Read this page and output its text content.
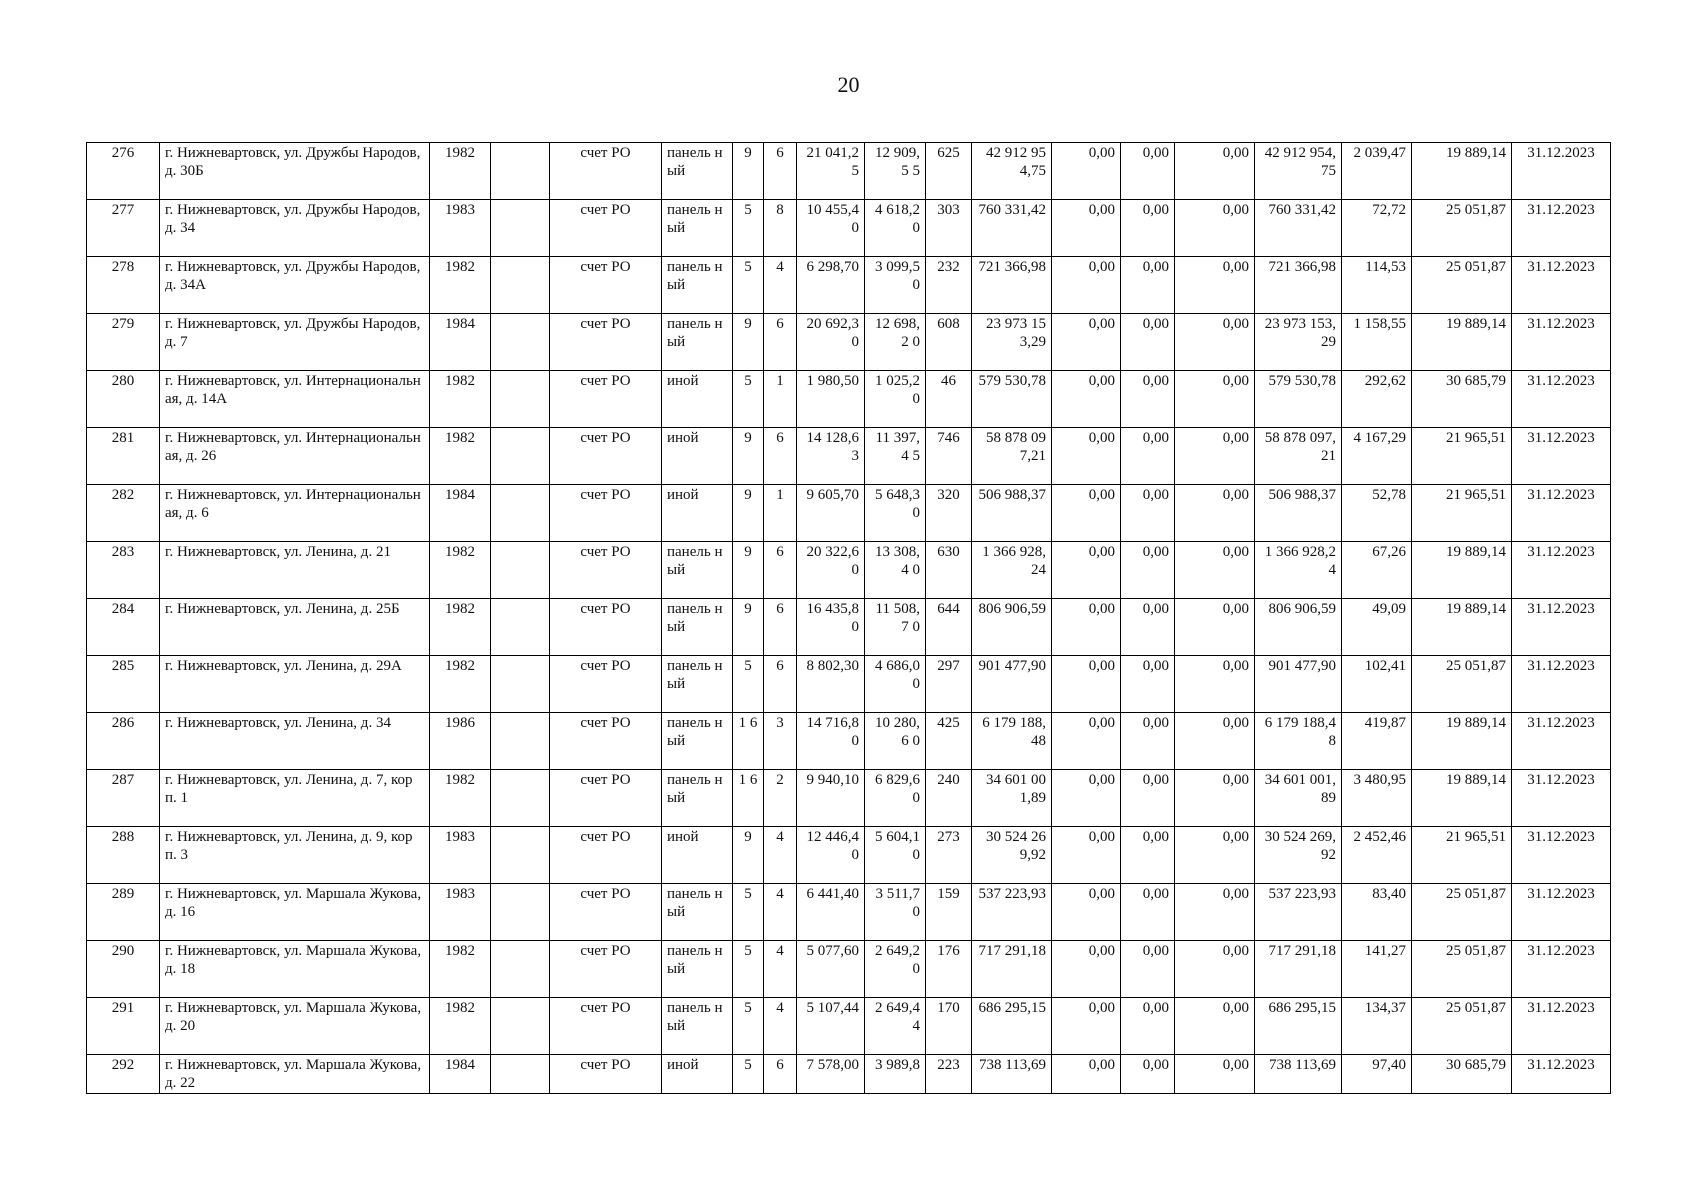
20
276	г. Нижневартовск, ул. Дружбы Народов, д. 30Б	1982		счет РО	панель ный	9	6	21 041,25	12 909,5 5	625	42 912 954,75	0,00	0,00	0,00	42 912 954,75	2 039,47	19 889,14	31.12.2023
277	г. Нижневартовск, ул. Дружбы Народов, д. 34	1983		счет РО	панель ный	5	8	10 455,40	4 618,2 0	303	760 331,42	0,00	0,00	0,00	760 331,42	72,72	25 051,87	31.12.2023
278	г. Нижневартовск, ул. Дружбы Народов, д. 34А	1982		счет РО	панель ный	5	4	6 298,70	3 099,5 0	232	721 366,98	0,00	0,00	0,00	721 366,98	114,53	25 051,87	31.12.2023
279	г. Нижневартовск, ул. Дружбы Народов, д. 7	1984		счет РО	панель ный	9	6	20 692,30	12 698,2 0	608	23 973 153,29	0,00	0,00	0,00	23 973 153,29	1 158,55	19 889,14	31.12.2023
280	г. Нижневартовск, ул. Интернациональная, д. 14А	1982		счет РО	иной	5	1	1 980,50	1 025,2 0	46	579 530,78	0,00	0,00	0,00	579 530,78	292,62	30 685,79	31.12.2023
281	г. Нижневартовск, ул. Интернациональная, д. 26	1982		счет РО	иной	9	6	14 128,63	11 397,4 5	746	58 878 097,21	0,00	0,00	0,00	58 878 097,21	4 167,29	21 965,51	31.12.2023
282	г. Нижневартовск, ул. Интернациональная, д. 6	1984		счет РО	иной	9	1	9 605,70	5 648,3 0	320	506 988,37	0,00	0,00	0,00	506 988,37	52,78	21 965,51	31.12.2023
283	г. Нижневартовск, ул. Ленина, д. 21	1982		счет РО	панель ный	9	6	20 322,60	13 308,4 0	630	1 366 928,24	0,00	0,00	0,00	1 366 928,24	67,26	19 889,14	31.12.2023
284	г. Нижневартовск, ул. Ленина, д. 25Б	1982		счет РО	панель ный	9	6	16 435,80	11 508,7 0	644	806 906,59	0,00	0,00	0,00	806 906,59	49,09	19 889,14	31.12.2023
285	г. Нижневартовск, ул. Ленина, д. 29А	1982		счет РО	панель ный	5	6	8 802,30	4 686,0 0	297	901 477,90	0,00	0,00	0,00	901 477,90	102,41	25 051,87	31.12.2023
286	г. Нижневартовск, ул. Ленина, д. 34	1986		счет РО	панель ный	1 6	3	14 716,80	10 280,6 0	425	6 179 188,48	0,00	0,00	0,00	6 179 188,48	419,87	19 889,14	31.12.2023
287	г. Нижневартовск, ул. Ленина, д. 7, корп. 1	1982		счет РО	панель ный	1 6	2	9 940,10	6 829,6 0	240	34 601 001,89	0,00	0,00	0,00	34 601 001,89	3 480,95	19 889,14	31.12.2023
288	г. Нижневартовск, ул. Ленина, д. 9, корп. 3	1983		счет РО	иной	9	4	12 446,40	5 604,1 0	273	30 524 269,92	0,00	0,00	0,00	30 524 269,92	2 452,46	21 965,51	31.12.2023
289	г. Нижневартовск, ул. Маршала Жукова, д. 16	1983		счет РО	панель ный	5	4	6 441,40	3 511,7 0	159	537 223,93	0,00	0,00	0,00	537 223,93	83,40	25 051,87	31.12.2023
290	г. Нижневартовск, ул. Маршала Жукова, д. 18	1982		счет РО	панель ный	5	4	5 077,60	2 649,2 0	176	717 291,18	0,00	0,00	0,00	717 291,18	141,27	25 051,87	31.12.2023
291	г. Нижневартовск, ул. Маршала Жукова, д. 20	1982		счет РО	панель ный	5	4	5 107,44	2 649,4 4	170	686 295,15	0,00	0,00	0,00	686 295,15	134,37	25 051,87	31.12.2023
292	г. Нижневартовск, ул. Маршала Жукова, д. 22	1984		счет РО	иной	5	6	7 578,00	3 989,8	223	738 113,69	0,00	0,00	0,00	738 113,69	97,40	30 685,79	31.12.2023
